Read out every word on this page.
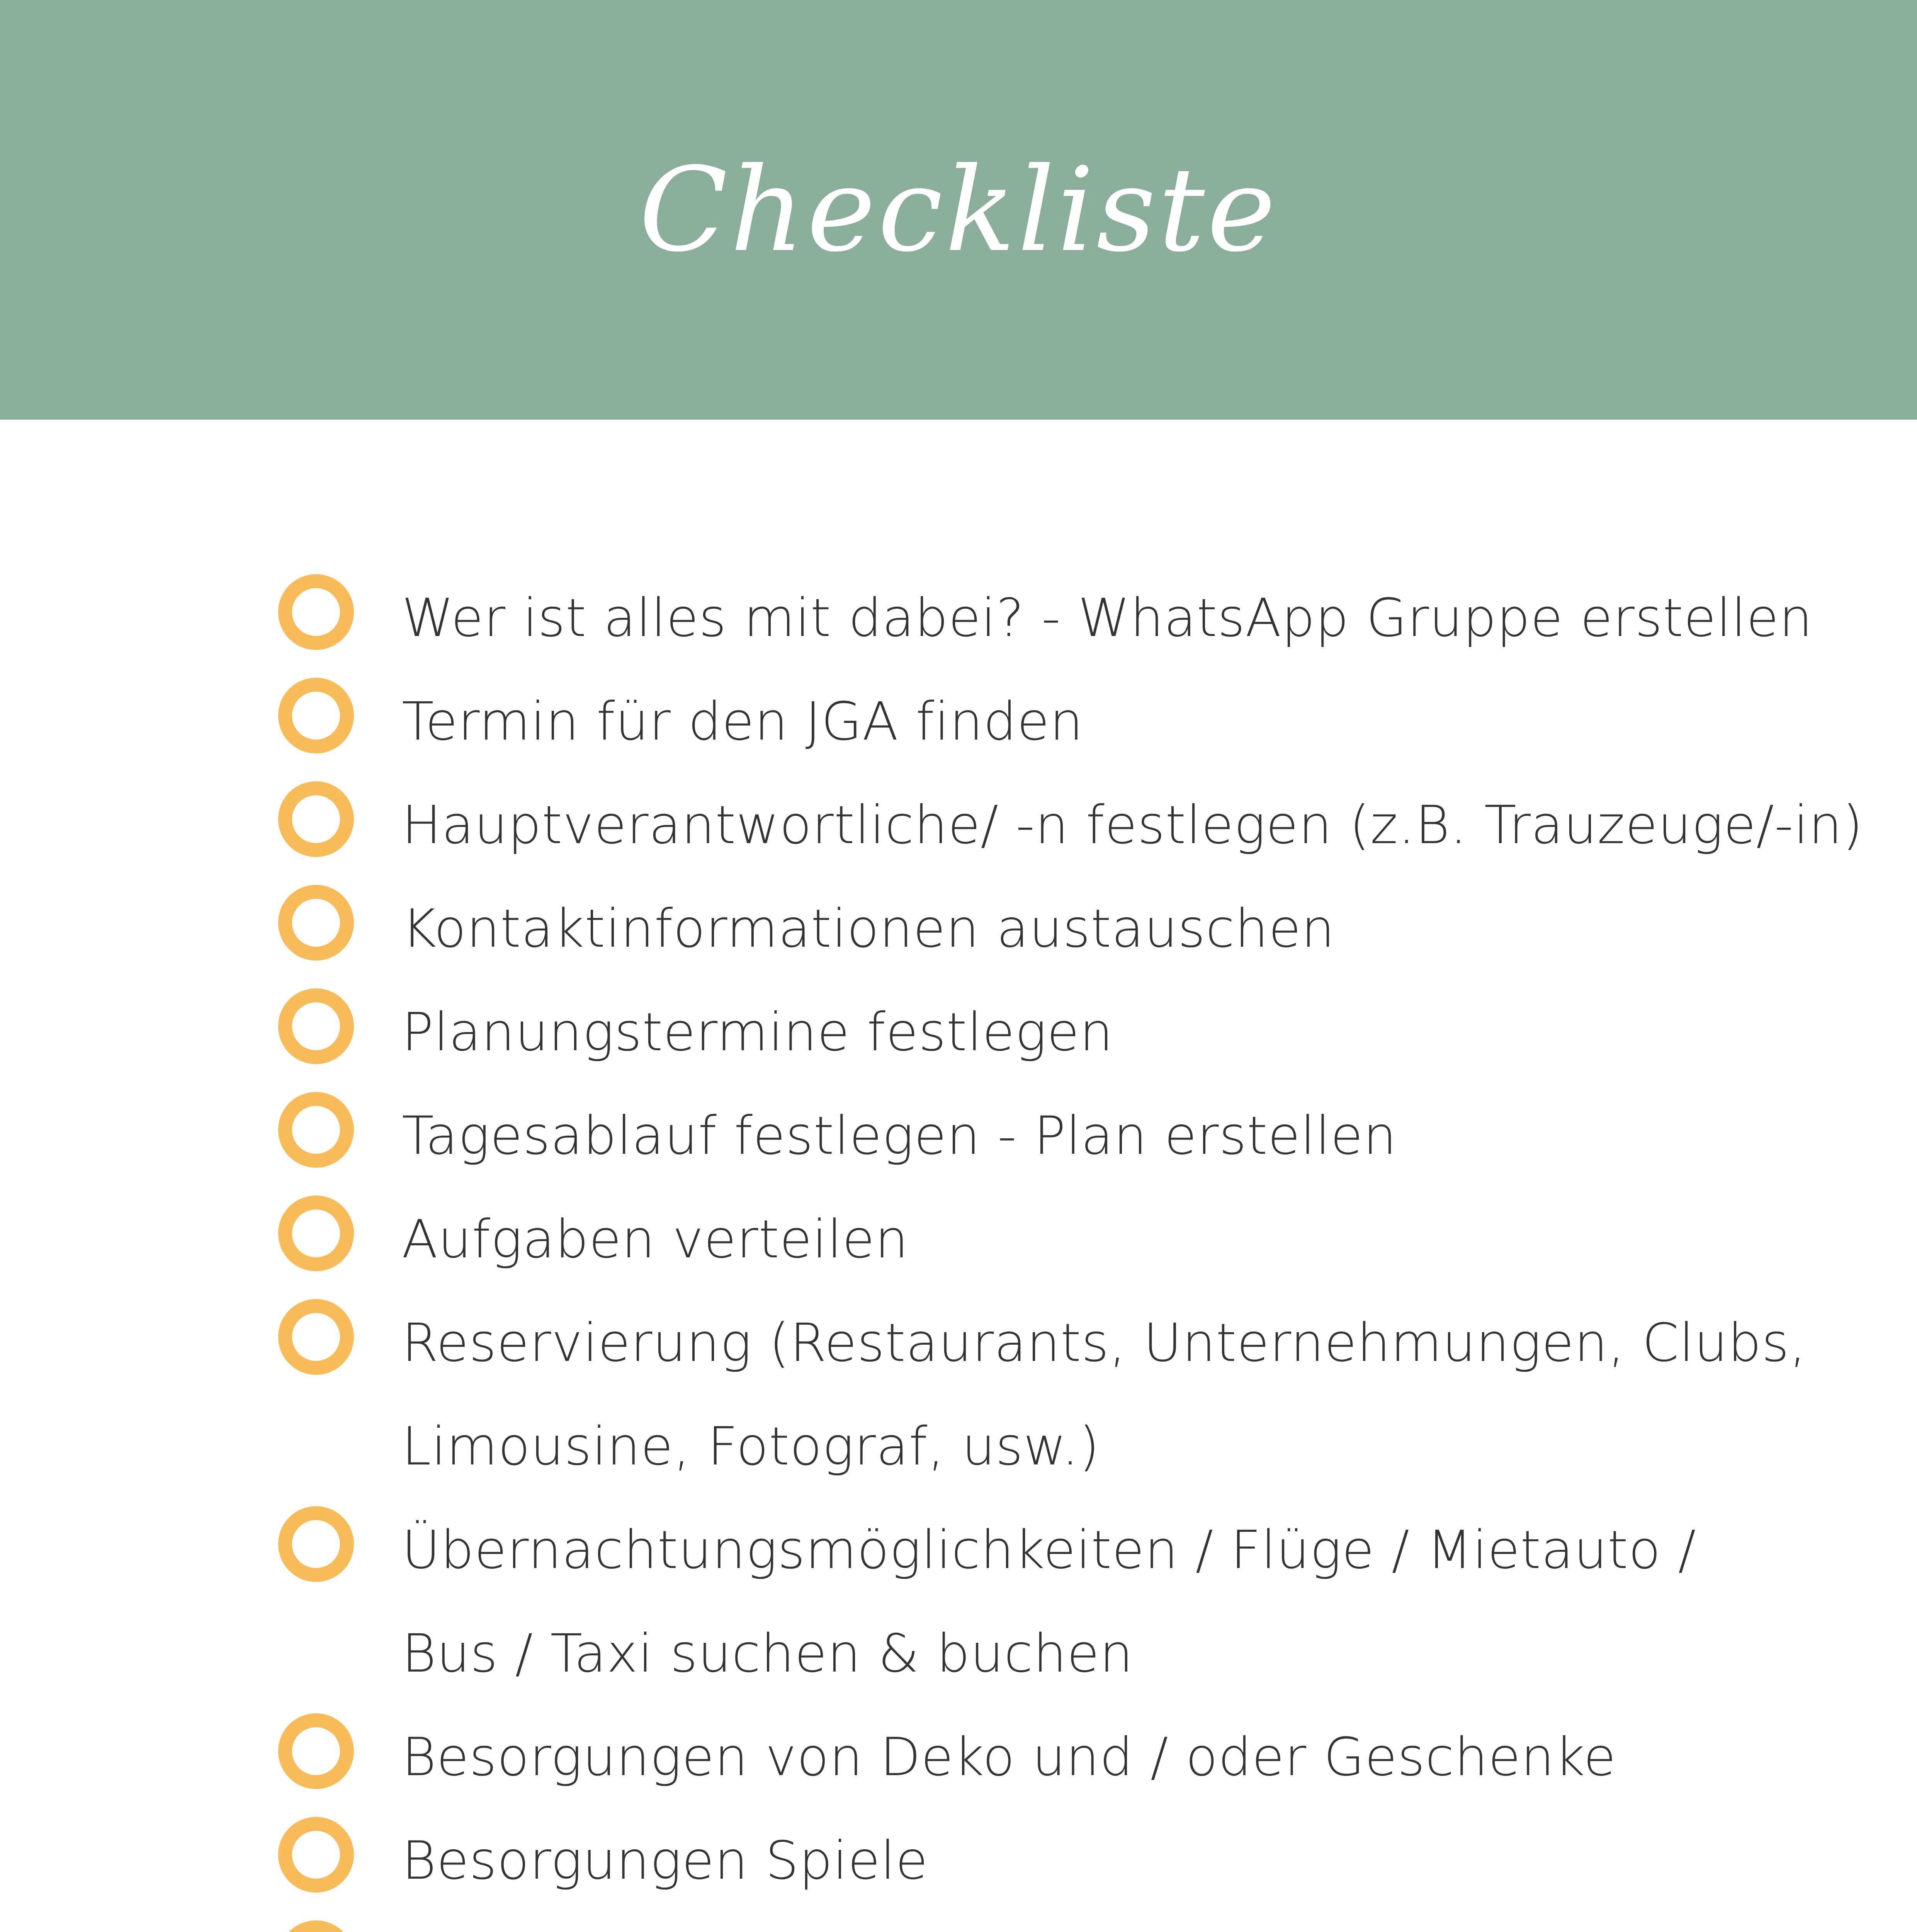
Checkliste
Wer ist alles mit dabei? - WhatsApp Gruppe erstellen
Termin für den JGA finden
Hauptverantwortliche/ -n festlegen (z.B. Trauzeuge/-in)
Kontaktinformationen austauschen
Planungstermine festlegen
Tagesablauf festlegen - Plan erstellen
Aufgaben verteilen
Reservierung (Restaurants, Unternehmungen, Clubs,
Limousine, Fotograf, usw.)
Übernachtungsmöglichkeiten / Flüge / Mietauto /
Bus / Taxi suchen & buchen
Besorgungen von Deko und / oder Geschenke
Besorgungen Spiele
